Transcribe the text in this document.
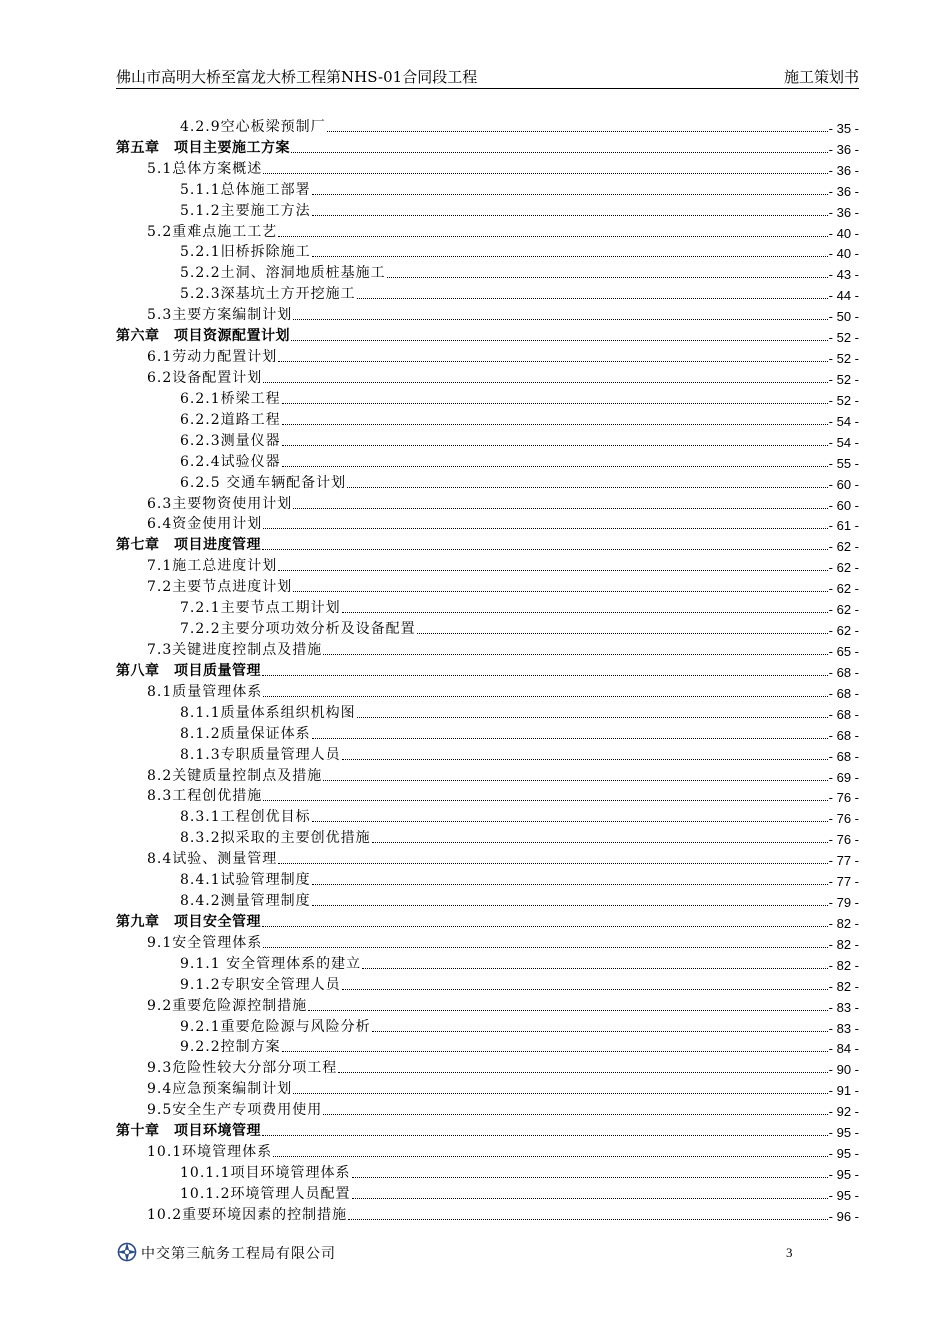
佛山市高明大桥至富龙大桥工程第NHS-01合同段工程	施工策划书
4.2.9空心板梁预制厂	- 35 -
第五章　项目主要施工方案	- 36 -
5.1总体方案概述	- 36 -
5.1.1总体施工部署	- 36 -
5.1.2主要施工方法	- 36 -
5.2重难点施工工艺	- 40 -
5.2.1旧桥拆除施工	- 40 -
5.2.2土洞、溶洞地质桩基施工	- 43 -
5.2.3深基坑土方开挖施工	- 44 -
5.3主要方案编制计划	- 50 -
第六章　项目资源配置计划	- 52 -
6.1劳动力配置计划	- 52 -
6.2设备配置计划	- 52 -
6.2.1桥梁工程	- 52 -
6.2.2道路工程	- 54 -
6.2.3测量仪器	- 54 -
6.2.4试验仪器	- 55 -
6.2.5 交通车辆配备计划	- 60 -
6.3主要物资使用计划	- 60 -
6.4资金使用计划	- 61 -
第七章　项目进度管理	- 62 -
7.1施工总进度计划	- 62 -
7.2主要节点进度计划	- 62 -
7.2.1主要节点工期计划	- 62 -
7.2.2主要分项功效分析及设备配置	- 62 -
7.3关键进度控制点及措施	- 65 -
第八章　项目质量管理	- 68 -
8.1质量管理体系	- 68 -
8.1.1质量体系组织机构图	- 68 -
8.1.2质量保证体系	- 68 -
8.1.3专职质量管理人员	- 68 -
8.2关键质量控制点及措施	- 69 -
8.3工程创优措施	- 76 -
8.3.1工程创优目标	- 76 -
8.3.2拟采取的主要创优措施	- 76 -
8.4试验、测量管理	- 77 -
8.4.1试验管理制度	- 77 -
8.4.2测量管理制度	- 79 -
第九章　项目安全管理	- 82 -
9.1安全管理体系	- 82 -
9.1.1 安全管理体系的建立	- 82 -
9.1.2专职安全管理人员	- 82 -
9.2重要危险源控制措施	- 83 -
9.2.1重要危险源与风险分析	- 83 -
9.2.2控制方案	- 84 -
9.3危险性较大分部分项工程	- 90 -
9.4应急预案编制计划	- 91 -
9.5安全生产专项费用使用	- 92 -
第十章　项目环境管理	- 95 -
10.1环境管理体系	- 95 -
10.1.1项目环境管理体系	- 95 -
10.1.2环境管理人员配置	- 95 -
10.2重要环境因素的控制措施	- 96 -
中交第三航务工程局有限公司	3
